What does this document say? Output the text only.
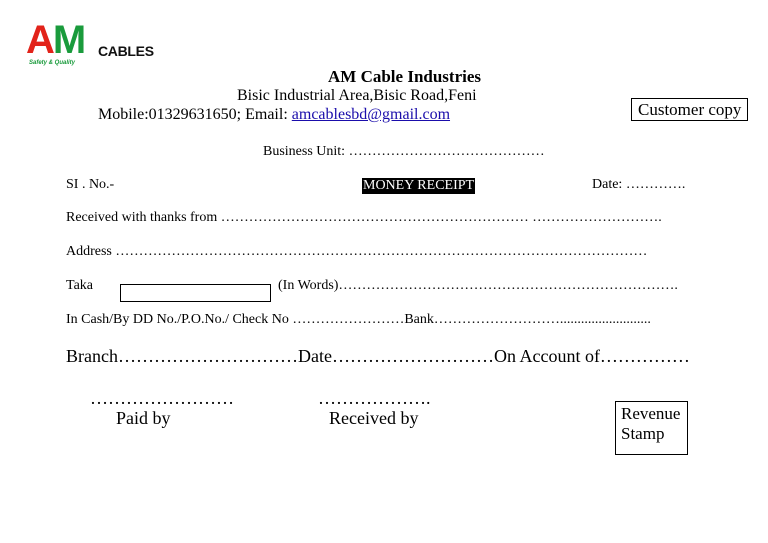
AM CABLES
Safety & Quality
AM Cable Industries
Bisic Industrial Area,Bisic Road,Feni
Mobile:01329631650; Email: amcablesbd@gmail.com	Customer copy
Business Unit: ……………………………………
SI . No.-	MONEY RECEIPT	Date: ………….
Received with thanks from ………………………………………………………… ……………………….
Address ……………………………………………………………………………………………………
Taka	(In Words)……………………………………………………………….
In Cash/By DD No./P.O.No./ Check No ……………………Bank………………………..........................
Branch…………………………Date………………………On Account of……………
……………………
Paid by
……………….
Received by	Revenue
Stamp
